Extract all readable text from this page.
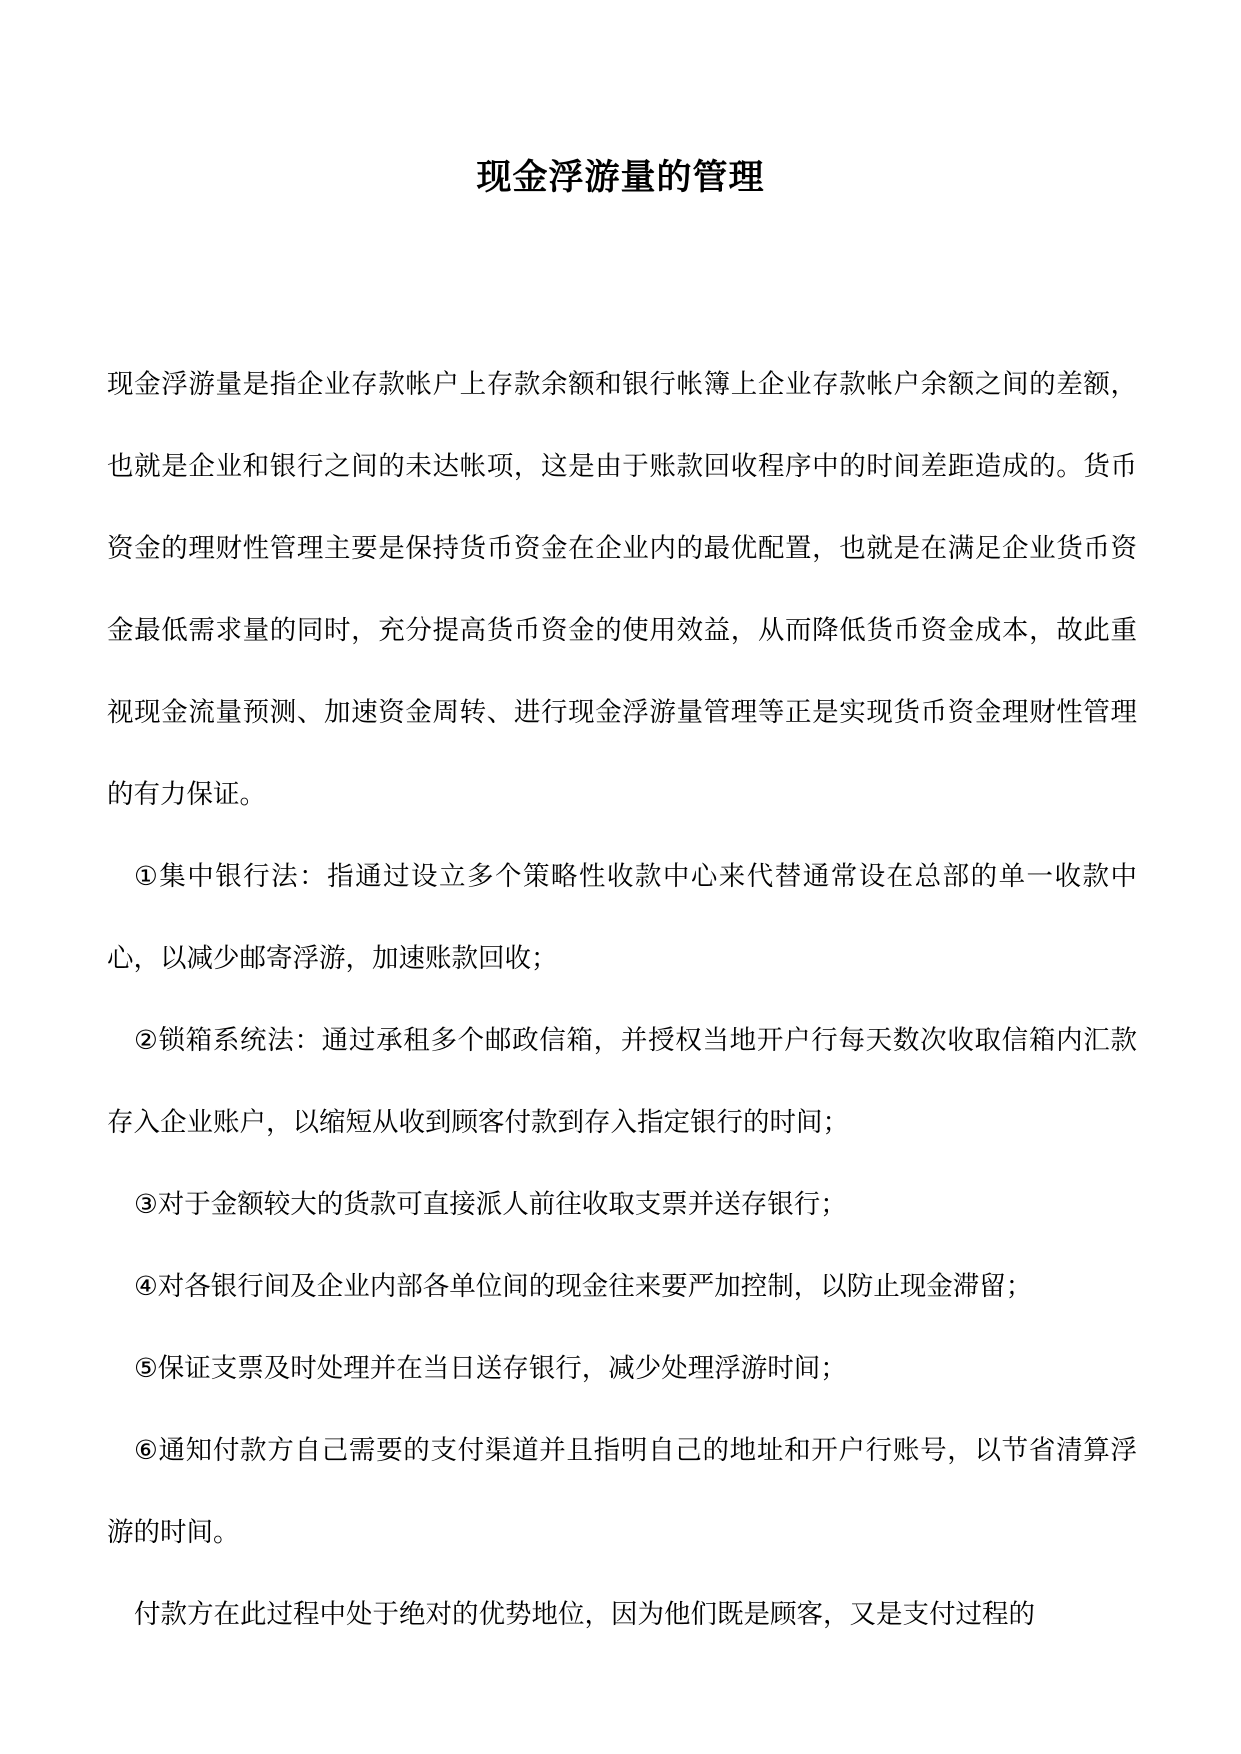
现金浮游量的管理

现金浮游量是指企业存款帐户上存款余额和银行帐簿上企业存款帐户余额之间的差额，也就是企业和银行之间的未达帐项，这是由于账款回收程序中的时间差距造成的。货币资金的理财性管理主要是保持货币资金在企业内的最优配置，也就是在满足企业货币资金最低需求量的同时，充分提高货币资金的使用效益，从而降低货币资金成本，故此重视现金流量预测、加速资金周转、进行现金浮游量管理等正是实现货币资金理财性管理的有力保证。

①集中银行法：指通过设立多个策略性收款中心来代替通常设在总部的单一收款中心，以减少邮寄浮游，加速账款回收；

②锁箱系统法：通过承租多个邮政信箱，并授权当地开户行每天数次收取信箱内汇款存入企业账户，以缩短从收到顾客付款到存入指定银行的时间；

③对于金额较大的货款可直接派人前往收取支票并送存银行；

④对各银行间及企业内部各单位间的现金往来要严加控制，以防止现金滞留；

⑤保证支票及时处理并在当日送存银行，减少处理浮游时间；

⑥通知付款方自己需要的支付渠道并且指明自己的地址和开户行账号，以节省清算浮游的时间。

付款方在此过程中处于绝对的优势地位，因为他们既是顾客，又是支付过程的
